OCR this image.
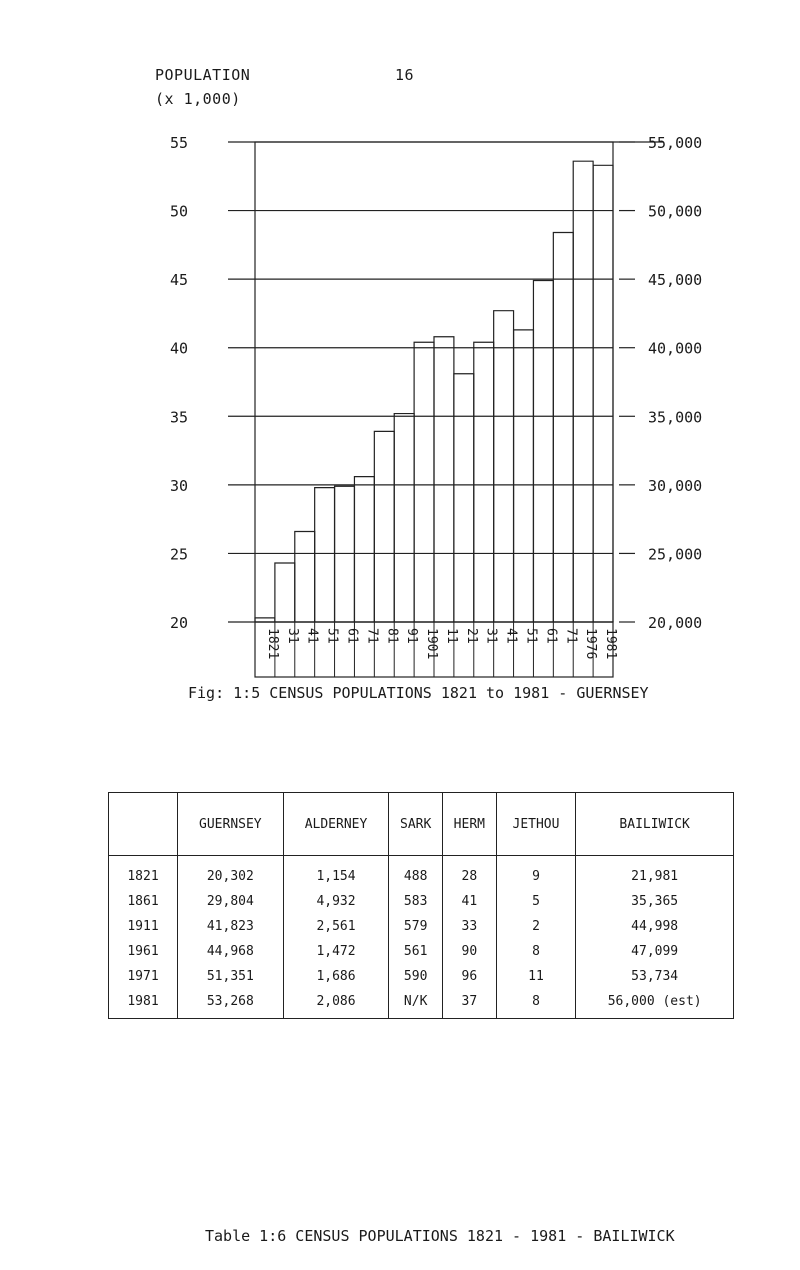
POPULATION
(x 1,000)
16
55	55,000
50	50,000
45	45,000
40	40,000
35	35,000
30	30,000
25	25,000
20	20,000
1821 31 41 51 61 71 81 91 1901 11 21 31 41 51 61 71 1976 1981
Fig: 1:5 CENSUS POPULATIONS 1821 to 1981 - GUERNSEY
	GUERNSEY	ALDERNEY	SARK	HERM	JETHOU	BAILIWICK
1821	20,302	1,154	488	28	9	21,981
1861	29,804	4,932	583	41	5	35,365
1911	41,823	2,561	579	33	2	44,998
1961	44,968	1,472	561	90	8	47,099
1971	51,351	1,686	590	96	11	53,734
1981	53,268	2,086	N/K	37	8	56,000 (est)
Table 1:6 CENSUS POPULATIONS 1821 - 1981 - BAILIWICK
